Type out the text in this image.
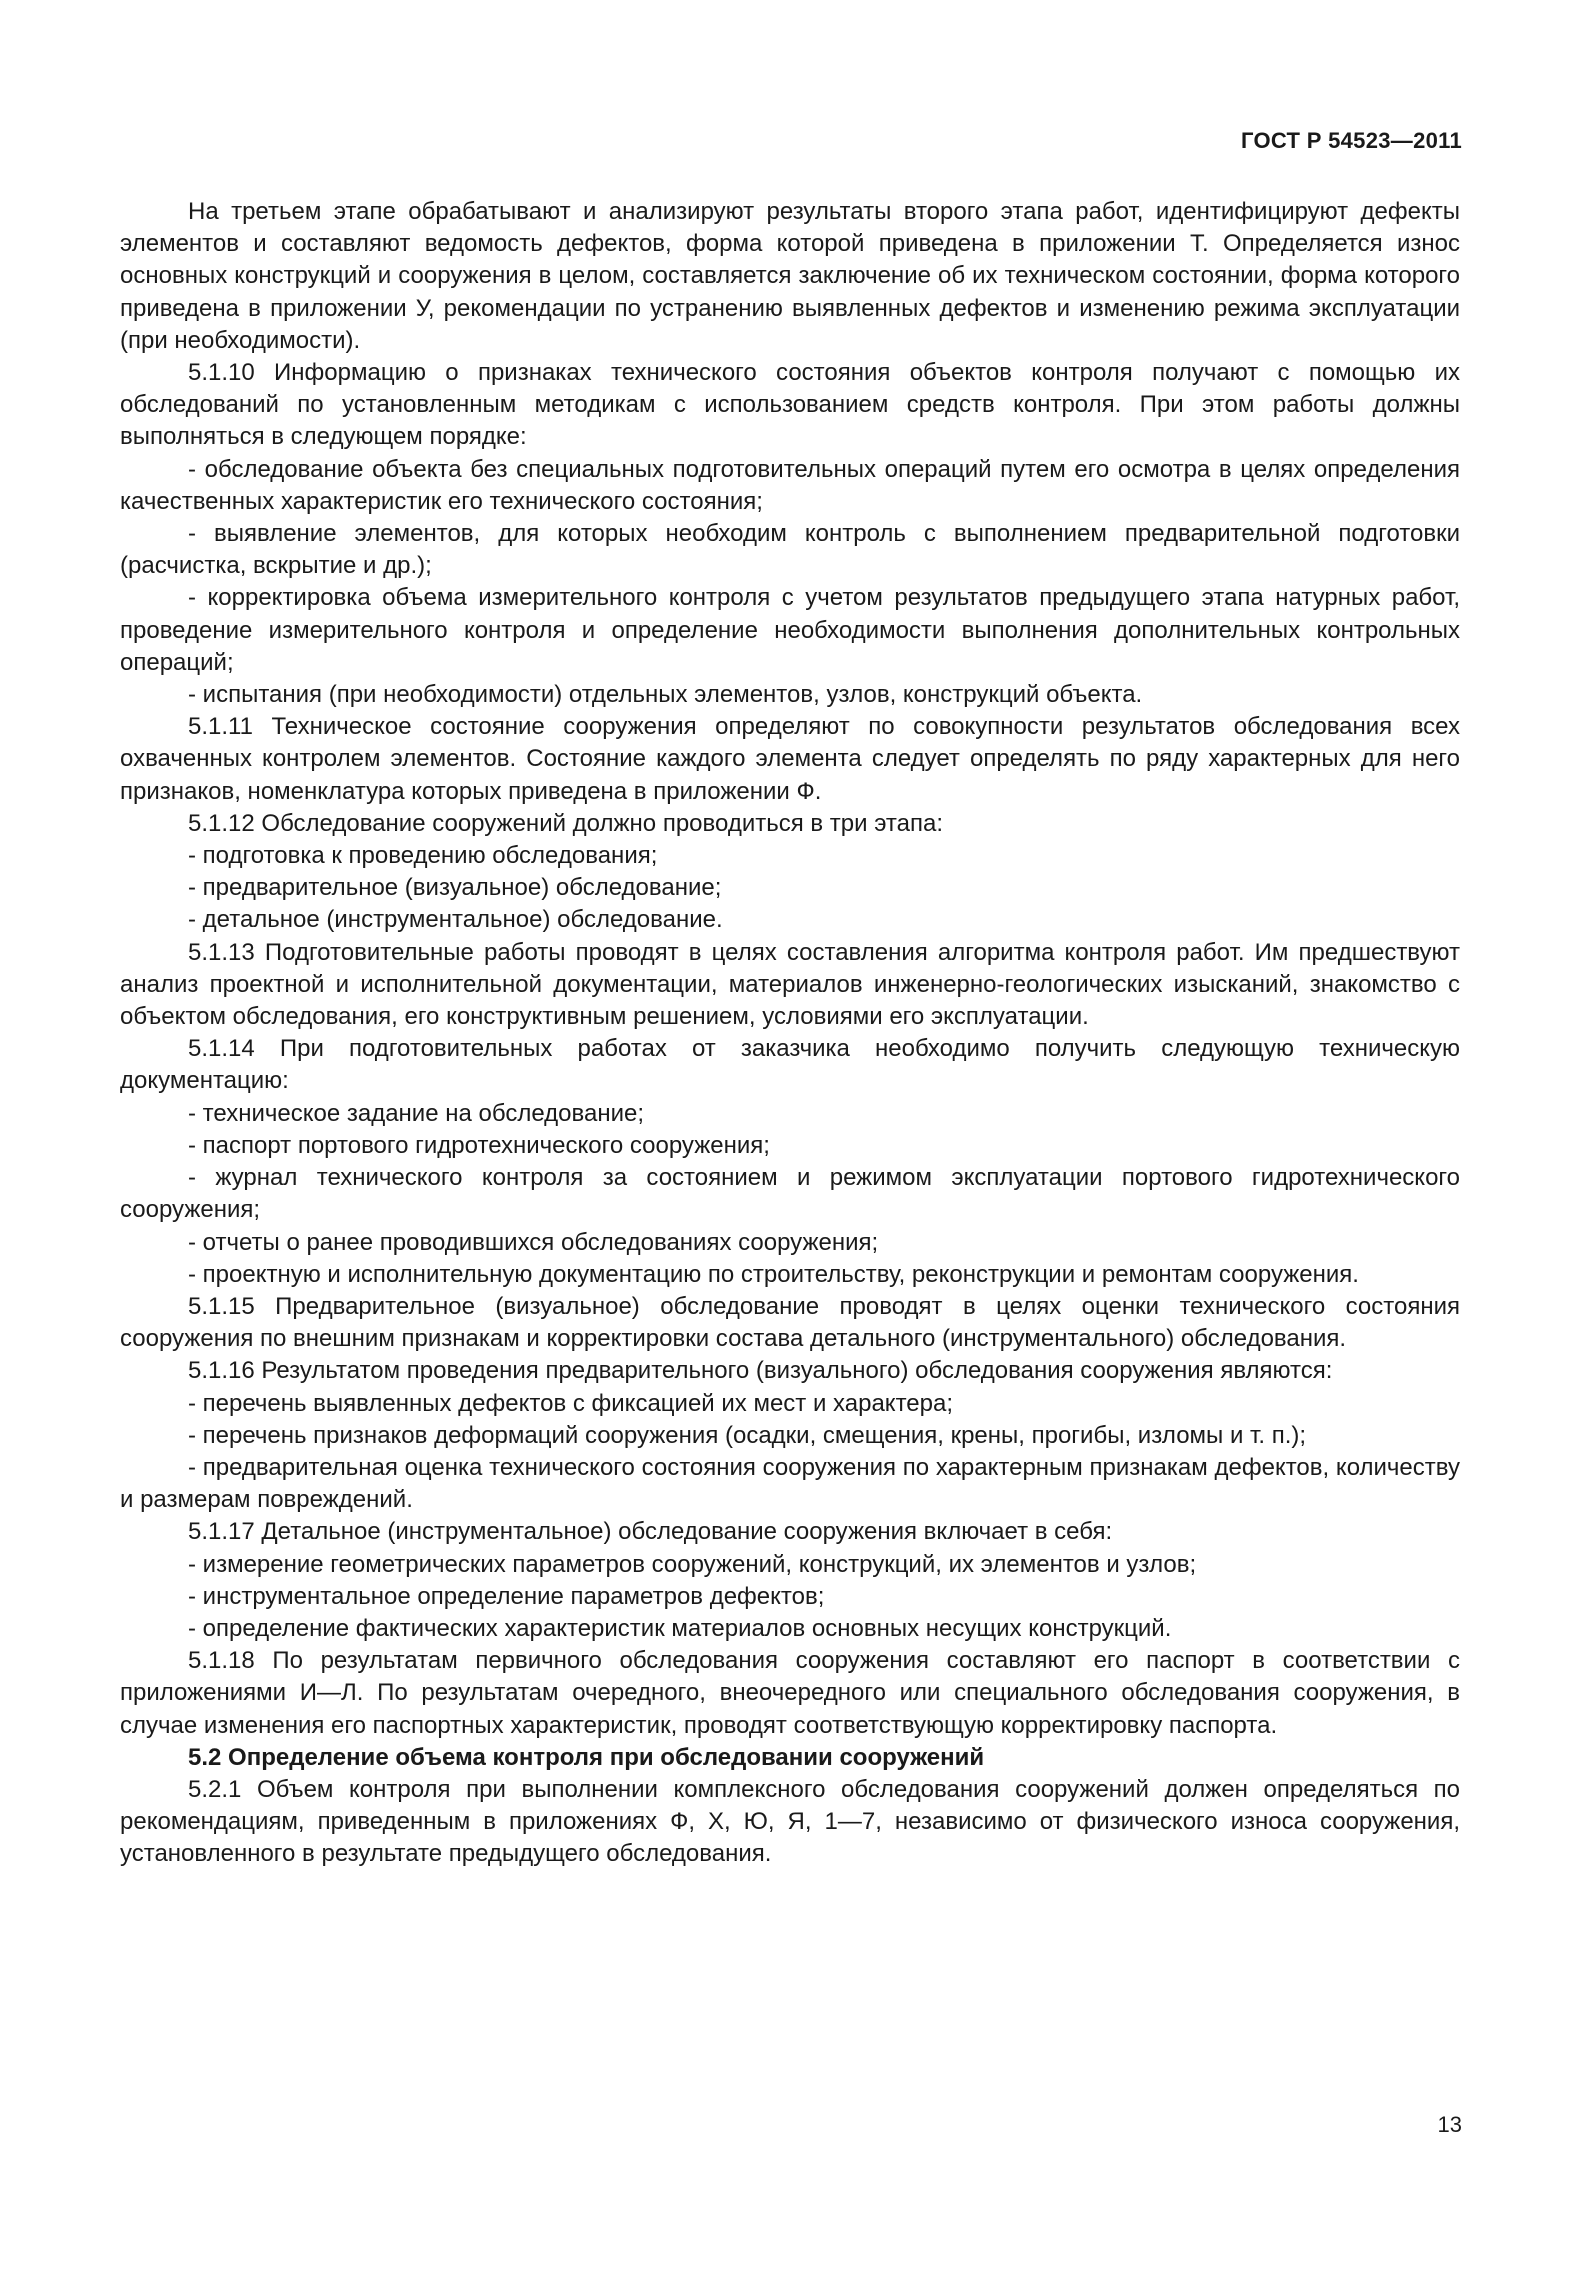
ГОСТ Р 54523—2011

На третьем этапе обрабатывают и анализируют результаты второго этапа работ, идентифицируют дефекты элементов и составляют ведомость дефектов, форма которой приведена в приложении Т. Определяется износ основных конструкций и сооружения в целом, составляется заключение об их техническом состоянии, форма которого приведена в приложении У, рекомендации по устранению выявленных дефектов и изменению режима эксплуатации (при необходимости).

5.1.10 Информацию о признаках технического состояния объектов контроля получают с помощью их обследований по установленным методикам с использованием средств контроля. При этом работы должны выполняться в следующем порядке:

- обследование объекта без специальных подготовительных операций путем его осмотра в целях определения качественных характеристик его технического состояния;

- выявление элементов, для которых необходим контроль с выполнением предварительной подготовки (расчистка, вскрытие и др.);

- корректировка объема измерительного контроля с учетом результатов предыдущего этапа натурных работ, проведение измерительного контроля и определение необходимости выполнения дополнительных контрольных операций;

- испытания (при необходимости) отдельных элементов, узлов, конструкций объекта.

5.1.11 Техническое состояние сооружения определяют по совокупности результатов обследования всех охваченных контролем элементов. Состояние каждого элемента следует определять по ряду характерных для него признаков, номенклатура которых приведена в приложении Ф.

5.1.12 Обследование сооружений должно проводиться в три этапа:

- подготовка к проведению обследования;

- предварительное (визуальное) обследование;

- детальное (инструментальное) обследование.

5.1.13 Подготовительные работы проводят в целях составления алгоритма контроля работ. Им предшествуют анализ проектной и исполнительной документации, материалов инженерно-геологических изысканий, знакомство с объектом обследования, его конструктивным решением, условиями его эксплуатации.

5.1.14 При подготовительных работах от заказчика необходимо получить следующую техническую документацию:

- техническое задание на обследование;

- паспорт портового гидротехнического сооружения;

- журнал технического контроля за состоянием и режимом эксплуатации портового гидротехнического сооружения;

- отчеты о ранее проводившихся обследованиях сооружения;

- проектную и исполнительную документацию по строительству, реконструкции и ремонтам сооружения.

5.1.15 Предварительное (визуальное) обследование проводят в целях оценки технического состояния сооружения по внешним признакам и корректировки состава детального (инструментального) обследования.

5.1.16 Результатом проведения предварительного (визуального) обследования сооружения являются:

- перечень выявленных дефектов с фиксацией их мест и характера;

- перечень признаков деформаций сооружения (осадки, смещения, крены, прогибы, изломы и т. п.);

- предварительная оценка технического состояния сооружения по характерным признакам дефектов, количеству и размерам повреждений.

5.1.17 Детальное (инструментальное) обследование сооружения включает в себя:

- измерение геометрических параметров сооружений, конструкций, их элементов и узлов;

- инструментальное определение параметров дефектов;

- определение фактических характеристик материалов основных несущих конструкций.

5.1.18 По результатам первичного обследования сооружения составляют его паспорт в соответствии с приложениями И—Л. По результатам очередного, внеочередного или специального обследования сооружения, в случае изменения его паспортных характеристик, проводят соответствующую корректировку паспорта.

5.2 Определение объема контроля при обследовании сооружений

5.2.1 Объем контроля при выполнении комплексного обследования сооружений должен определяться по рекомендациям, приведенным в приложениях Ф, Х, Ю, Я, 1—7, независимо от физического износа сооружения, установленного в результате предыдущего обследования.

13
